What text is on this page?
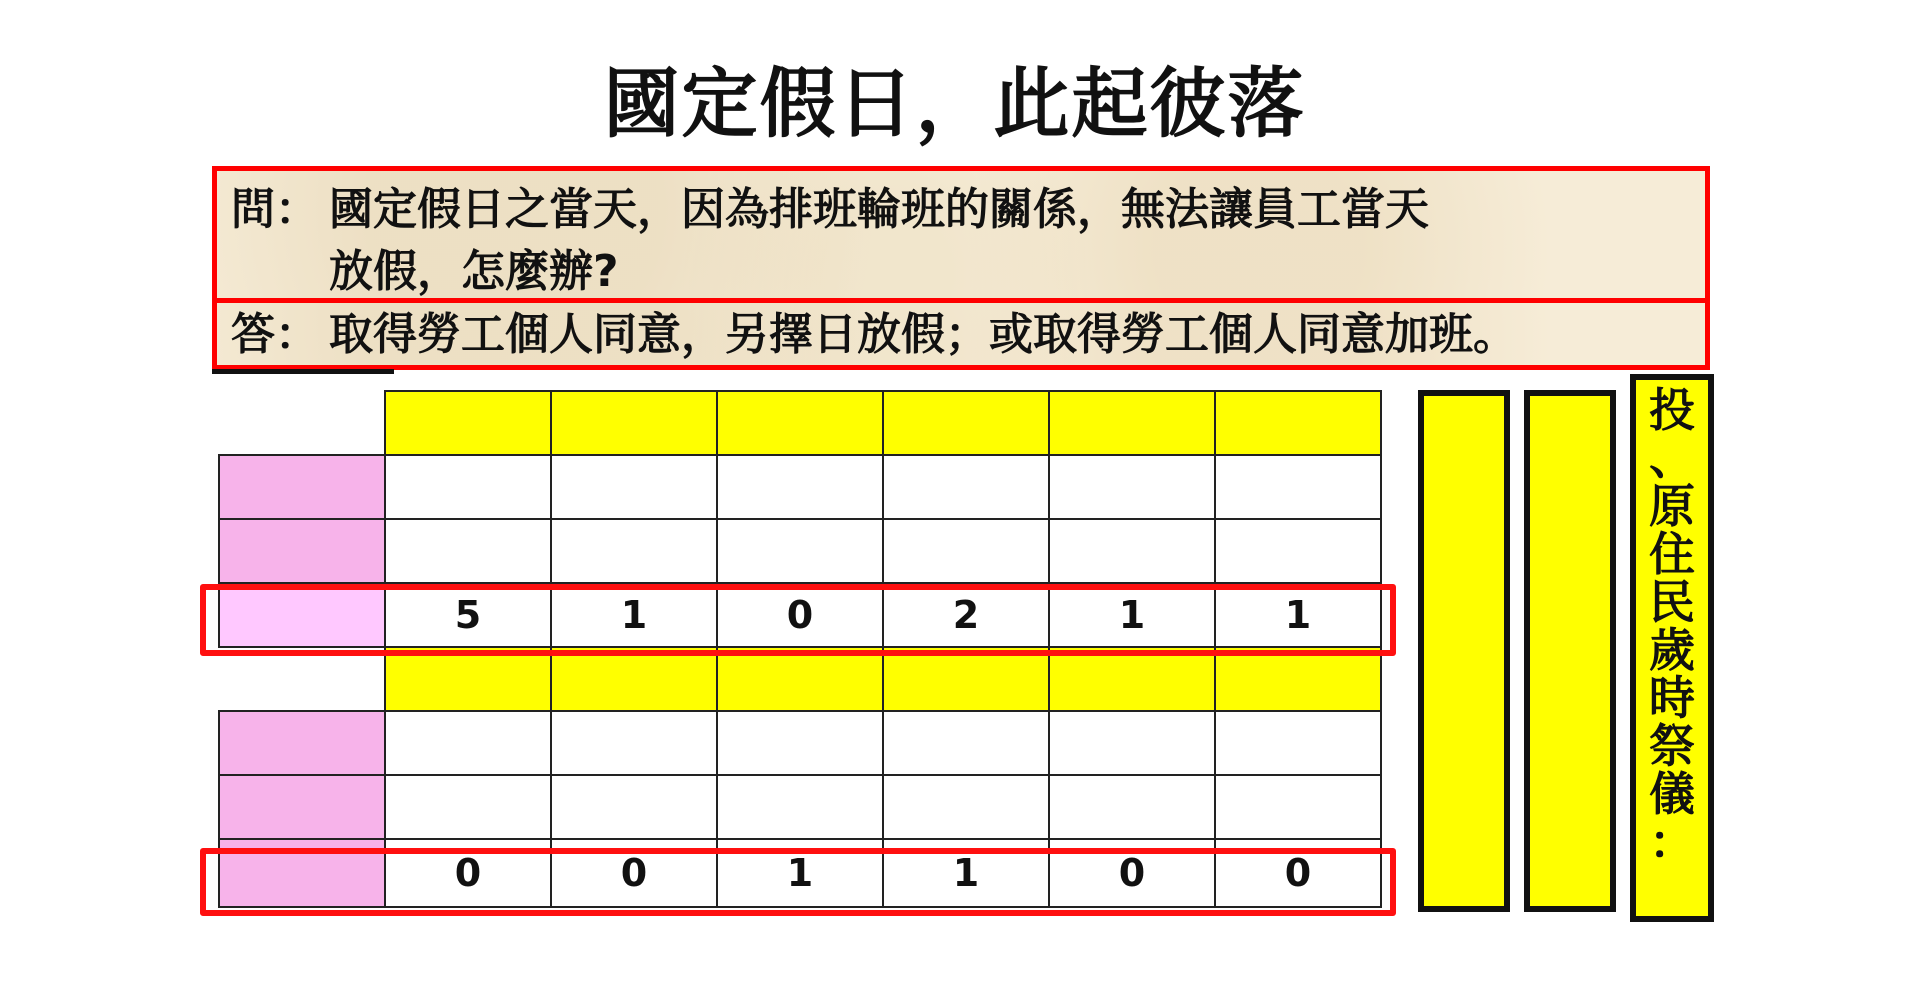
國定假日，此起彼落
問： 國定假日之當天，因為排班輪班的關係，無法讓員工當天
放假，怎麼辦?
答： 取得勞工個人同意，另擇日放假；或取得勞工個人同意加班。
5	1	0	2	1	1
0	0	1	1	0	0
投
、
原
住
民
歲
時
祭
儀
：
